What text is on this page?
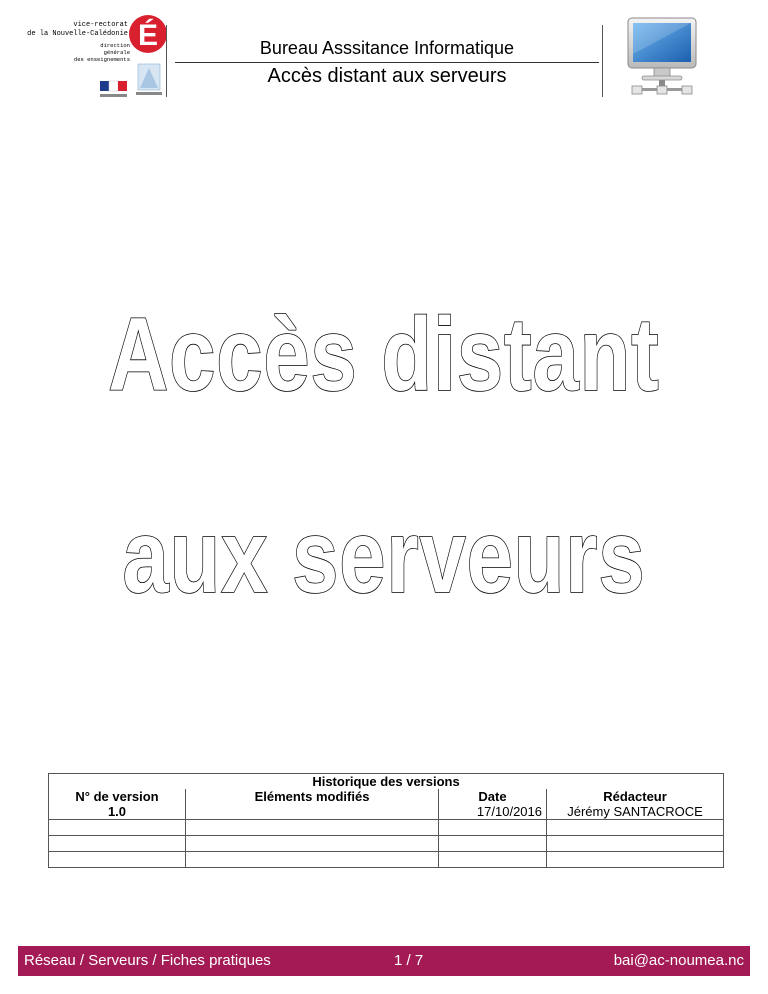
vice-rectorat
de la Nouvelle-Calédonie
direction
générale
des enseignements
É	Bureau Asssitance Informatique
Accès distant aux serveurs
Accès distant
aux serveurs
Historique des versions			
N° de version	Eléments modifiés	Date	Rédacteur
1.0		17/10/2016	Jérémy SANTACROCE

Réseau / Serveurs / Fiches pratiques	1 / 7	bai@ac-noumea.nc
